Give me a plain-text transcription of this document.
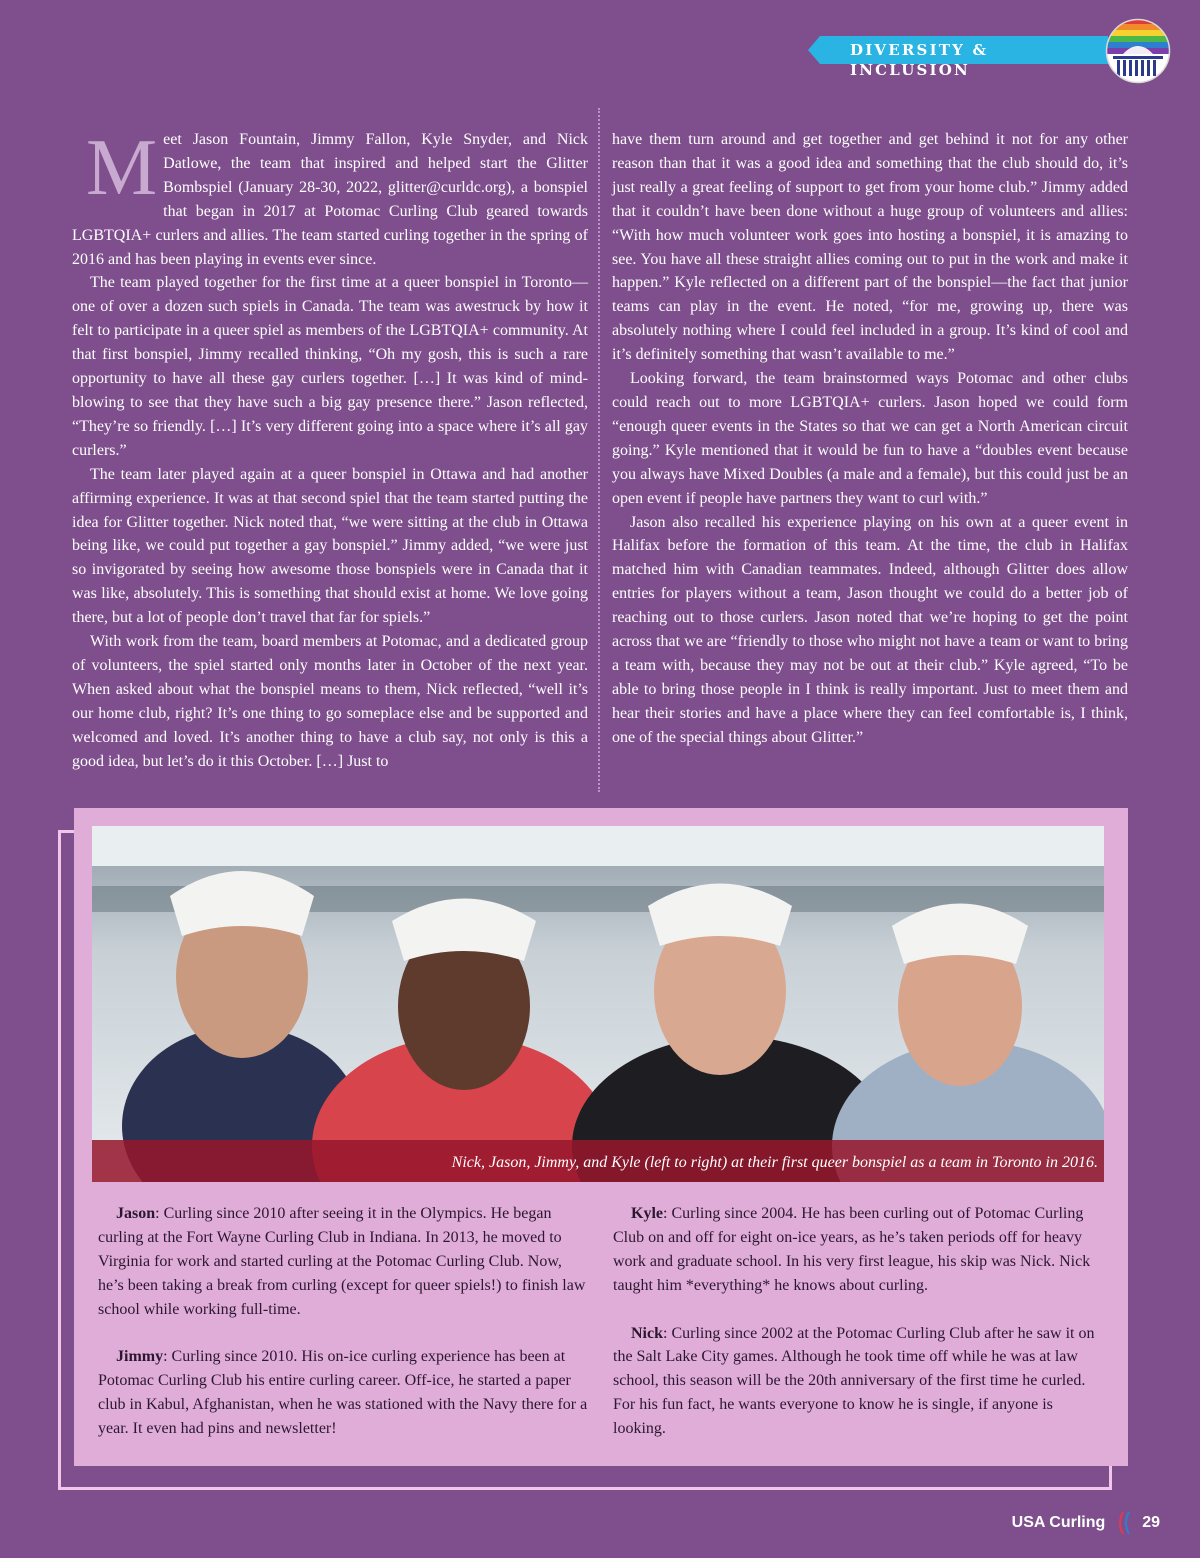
DIVERSITY & INCLUSION
M eet Jason Fountain, Jimmy Fallon, Kyle Snyder, and Nick Datlowe, the team that inspired and helped start the Glitter Bombspiel (January 28-30, 2022, glitter@curldc.org), a bonspiel that began in 2017 at Potomac Curling Club geared towards LGBTQIA+ curlers and allies. The team started curling together in the spring of 2016 and has been playing in events ever since.

The team played together for the first time at a queer bonspiel in Toronto—one of over a dozen such spiels in Canada. The team was awestruck by how it felt to participate in a queer spiel as members of the LGBTQIA+ community. At that first bonspiel, Jimmy recalled thinking, “Oh my gosh, this is such a rare opportunity to have all these gay curlers together. […] It was kind of mind-blowing to see that they have such a big gay presence there.” Jason reflected, “They’re so friendly. […] It’s very different going into a space where it’s all gay curlers.”

The team later played again at a queer bonspiel in Ottawa and had another affirming experience. It was at that second spiel that the team started putting the idea for Glitter together. Nick noted that, “we were sitting at the club in Ottawa being like, we could put together a gay bonspiel.” Jimmy added, “we were just so invigorated by seeing how awesome those bonspiels were in Canada that it was like, absolutely. This is something that should exist at home. We love going there, but a lot of people don’t travel that far for spiels.”

With work from the team, board members at Potomac, and a dedicated group of volunteers, the spiel started only months later in October of the next year. When asked about what the bonspiel means to them, Nick reflected, “well it’s our home club, right? It’s one thing to go someplace else and be supported and welcomed and loved. It’s another thing to have a club say, not only is this a good idea, but let’s do it this October. […] Just to

have them turn around and get together and get behind it not for any other reason than that it was a good idea and something that the club should do, it’s just really a great feeling of support to get from your home club.” Jimmy added that it couldn’t have been done without a huge group of volunteers and allies: “With how much volunteer work goes into hosting a bonspiel, it is amazing to see. You have all these straight allies coming out to put in the work and make it happen.” Kyle reflected on a different part of the bonspiel—the fact that junior teams can play in the event. He noted, “for me, growing up, there was absolutely nothing where I could feel included in a group. It’s kind of cool and it’s definitely something that wasn’t available to me.”

Looking forward, the team brainstormed ways Potomac and other clubs could reach out to more LGBTQIA+ curlers. Jason hoped we could form “enough queer events in the States so that we can get a North American circuit going.” Kyle mentioned that it would be fun to have a “doubles event because you always have Mixed Doubles (a male and a female), but this could just be an open event if people have partners they want to curl with.”

Jason also recalled his experience playing on his own at a queer event in Halifax before the formation of this team. At the time, the club in Halifax matched him with Canadian teammates. Indeed, although Glitter does allow entries for players without a team, Jason thought we could do a better job of reaching out to those curlers. Jason noted that we’re hoping to get the point across that we are “friendly to those who might not have a team or want to bring a team with, because they may not be out at their club.” Kyle agreed, “To be able to bring those people in I think is really important. Just to meet them and hear their stories and have a place where they can feel comfortable is, I think, one of the special things about Glitter.”

Nick, Jason, Jimmy, and Kyle (left to right) at their first queer bonspiel as a team in Toronto in 2016.

Jason: Curling since 2010 after seeing it in the Olympics. He began curling at the Fort Wayne Curling Club in Indiana. In 2013, he moved to Virginia for work and started curling at the Potomac Curling Club. Now, he’s been taking a break from curling (except for queer spiels!) to finish law school while working full-time.

Jimmy: Curling since 2010. His on-ice curling experience has been at Potomac Curling Club his entire curling career. Off-ice, he started a paper club in Kabul, Afghanistan, when he was stationed with the Navy there for a year. It even had pins and newsletter!

Kyle: Curling since 2004. He has been curling out of Potomac Curling Club on and off for eight on-ice years, as he’s taken periods off for heavy work and graduate school. In his very first league, his skip was Nick. Nick taught him *everything* he knows about curling.

Nick: Curling since 2002 at the Potomac Curling Club after he saw it on the Salt Lake City games. Although he took time off while he was at law school, this season will be the 20th anniversary of the first time he curled. For his fun fact, he wants everyone to know he is single, if anyone is looking.

USA Curling 29
